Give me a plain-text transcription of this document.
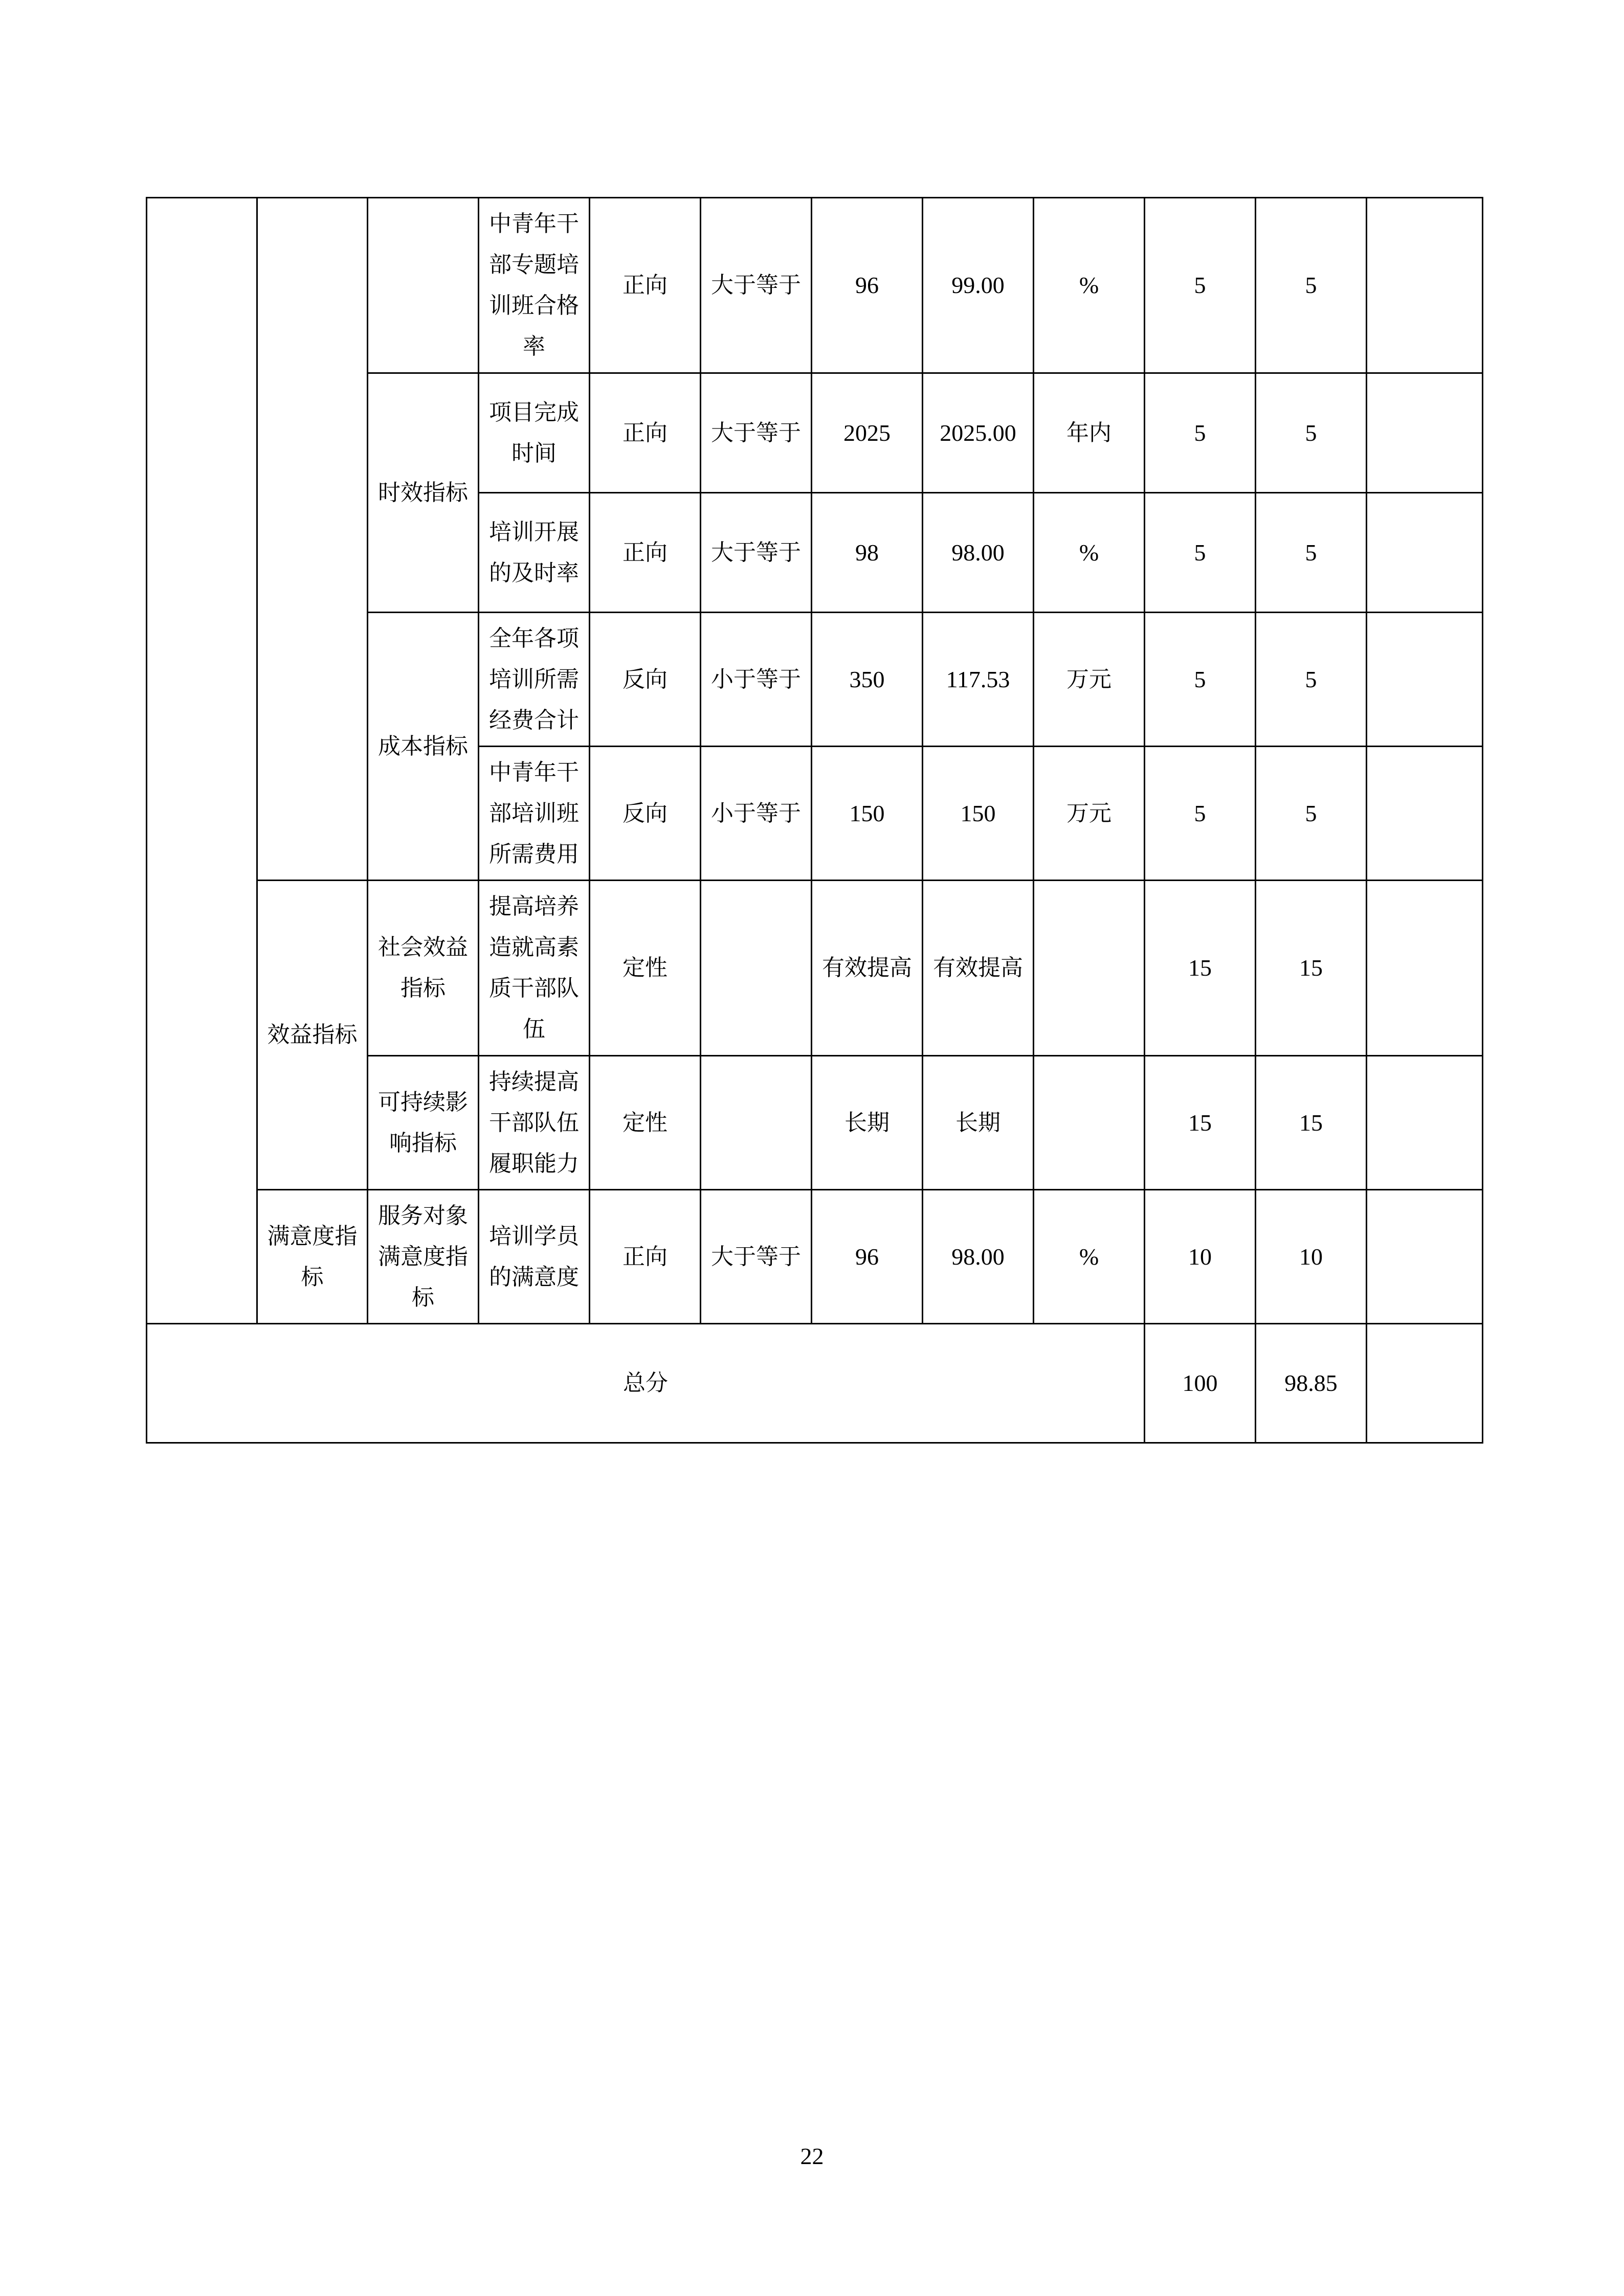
			中青年干部专题培训班合格率	正向	大于等于	96	99.00	%	5	5	
		时效指标	项目完成时间	正向	大于等于	2025	2025.00	年内	5	5	
			培训开展的及时率	正向	大于等于	98	98.00	%	5	5	
		成本指标	全年各项培训所需经费合计	反向	小于等于	350	117.53	万元	5	5	
			中青年干部培训班所需费用	反向	小于等于	150	150	万元	5	5	
	效益指标	社会效益指标	提高培养造就高素质干部队伍	定性		有效提高	有效提高		15	15	
		可持续影响指标	持续提高干部队伍履职能力	定性		长期	长期		15	15	
	满意度指标	服务对象满意度指标	培训学员的满意度	正向	大于等于	96	98.00	%	10	10	
总分									100	98.85	
22
